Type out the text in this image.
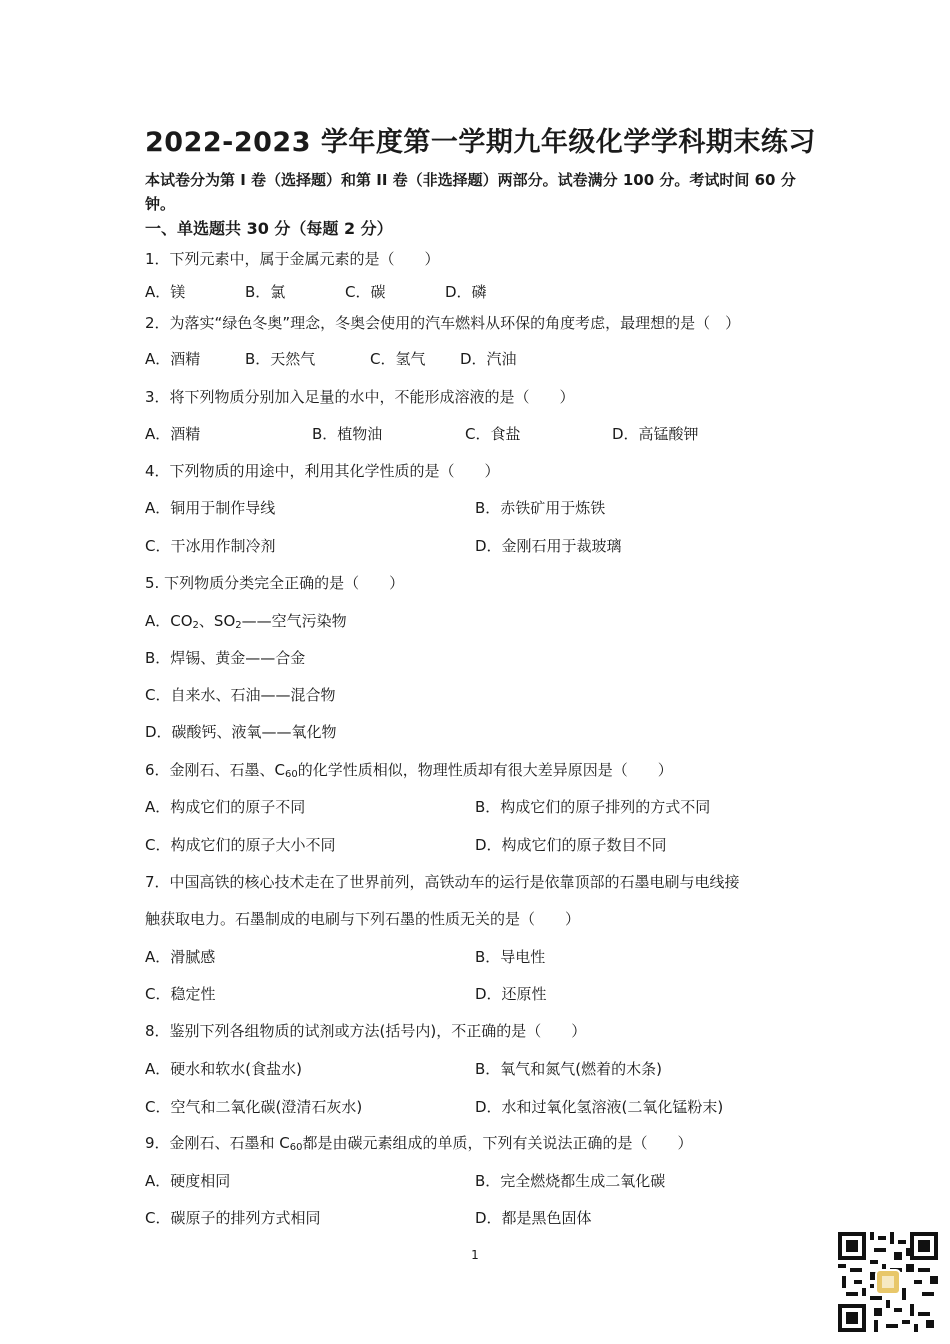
2022-2023 学年度第一学期九年级化学学科期末练习
本试卷分为第 I 卷（选择题）和第 II 卷（非选择题）两部分。试卷满分 100 分。考试时间 60 分钟。
一、单选题共 30 分（每题 2 分）
1．下列元素中，属于金属元素的是（　　）
A．镁	B．氯	C．碳	D．磷
2．为落实“绿色冬奥”理念，冬奥会使用的汽车燃料从环保的角度考虑，最理想的是（　）
A．酒精	B．天然气	C．氢气 D．汽油
3．将下列物质分别加入足量的水中，不能形成溶液的是（　　）
A．酒精	B．植物油	C．食盐	D．高锰酸钾
4．下列物质的用途中，利用其化学性质的是（　　）
A．铜用于制作导线	B．赤铁矿用于炼铁
C．干冰用作制冷剂	D．金刚石用于裁玻璃
5. 下列物质分类完全正确的是（　　）
A．$CO_2$、$SO_2——$空气污染物
B．焊锡、黄金——合金
C．自来水、石油——混合物
D．碳酸钙、液氧——氧化物
6．金刚石、石墨、$C_{60}$的化学性质相似，物理性质却有很大差异原因是（　　）
A．构成它们的原子不同	B．构成它们的原子排列的方式不同
C．构成它们的原子大小不同	D．构成它们的原子数目不同
7．中国高铁的核心技术走在了世界前列，高铁动车的运行是依靠顶部的石墨电刷与电线接
触获取电力。石墨制成的电刷与下列石墨的性质无关的是（　　）
A．滑腻感	B．导电性
C．稳定性	D．还原性
8．鉴别下列各组物质的试剂或方法(括号内)，不正确的是（　　）
A．硬水和软水(食盐水)	B．氧气和氮气(燃着的木条)
C．空气和二氧化碳(澄清石灰水)	D．水和过氧化氢溶液(二氧化锰粉末)
9．金刚石、石墨和 $C_{60}$都是由碳元素组成的单质，下列有关说法正确的是（　　）
A．硬度相同	B．完全燃烧都生成二氧化碳
C．碳原子的排列方式相同	D．都是黑色固体
1
